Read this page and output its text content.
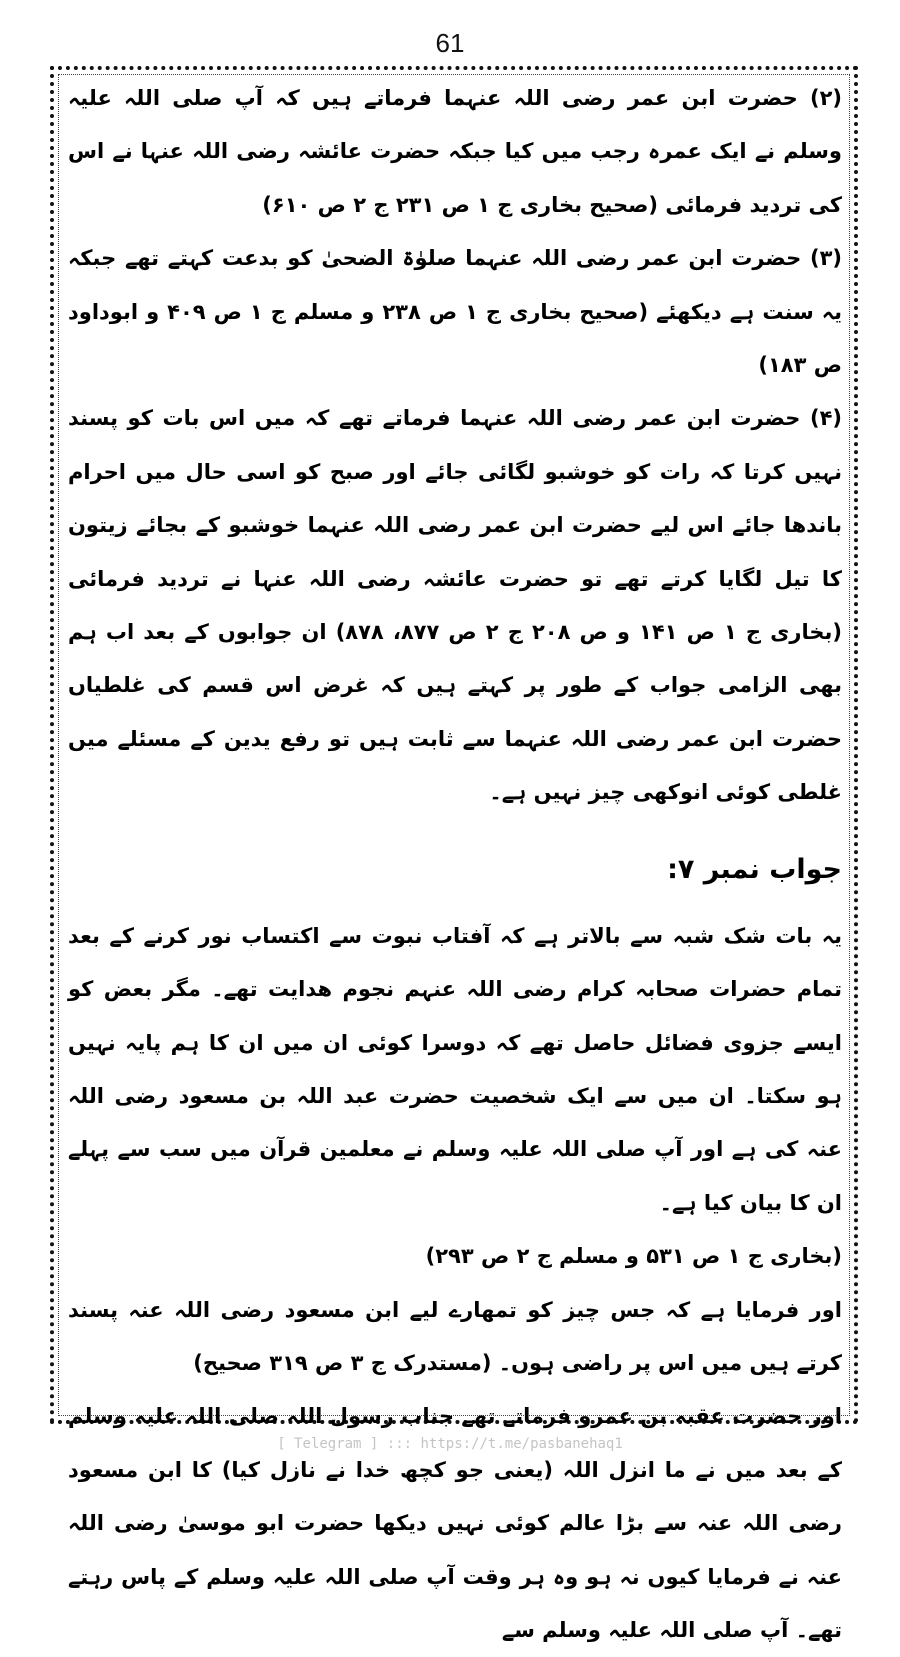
61

(۲) حضرت ابن عمر رضی اللہ عنہما فرماتے ہیں کہ آپ صلی اللہ علیہ وسلم نے ایک عمرہ رجب میں کیا جبکہ حضرت عائشہ رضی اللہ عنہا نے اس کی تردید فرمائی (صحیح بخاری ج ۱ ص ۲۳۱ ج ۲ ص ۶۱۰)

(۳) حضرت ابن عمر رضی اللہ عنہما صلوٰۃ الضحیٰ کو بدعت کہتے تھے جبکہ یہ سنت ہے دیکھئے (صحیح بخاری ج ۱ ص ۲۳۸ و مسلم ج ۱ ص ۴۰۹ و ابوداود ص ۱۸۳)

(۴) حضرت ابن عمر رضی اللہ عنہما فرماتے تھے کہ میں اس بات کو پسند نہیں کرتا کہ رات کو خوشبو لگائی جائے اور صبح کو اسی حال میں احرام باندھا جائے اس لیے حضرت ابن عمر رضی اللہ عنہما خوشبو کے بجائے زیتون کا تیل لگایا کرتے تھے تو حضرت عائشہ رضی اللہ عنہا نے تردید فرمائی (بخاری ج ۱ ص ۱۴۱ و ص ۲۰۸ ج ۲ ص ۸۷۷، ۸۷۸) ان جوابوں کے بعد اب ہم بھی الزامی جواب کے طور پر کہتے ہیں کہ غرض اس قسم کی غلطیاں حضرت ابن عمر رضی اللہ عنہما سے ثابت ہیں تو رفع یدین کے مسئلے میں غلطی کوئی انوکھی چیز نہیں ہے۔

جواب نمبر ۷:

یہ بات شک شبہ سے بالاتر ہے کہ آفتاب نبوت سے اکتساب نور کرنے کے بعد تمام حضرات صحابہ کرام رضی اللہ عنہم نجوم ھدایت تھے۔ مگر بعض کو ایسے جزوی فضائل حاصل تھے کہ دوسرا کوئی ان میں ان کا ہم پایہ نہیں ہو سکتا۔ ان میں سے ایک شخصیت حضرت عبد اللہ بن مسعود رضی اللہ عنہ کی ہے اور آپ صلی اللہ علیہ وسلم نے معلمین قرآن میں سب سے پہلے ان کا بیان کیا ہے۔

(بخاری ج ۱ ص ۵۳۱ و مسلم ج ۲ ص ۲۹۳)

اور فرمایا ہے کہ جس چیز کو تمھارے لیے ابن مسعود رضی اللہ عنہ پسند کرتے ہیں میں اس پر راضی ہوں۔ (مستدرک ج ۳ ص ۳۱۹ صحیح)

اور حضرت عقبہ بن عمرو فرماتے تھے جناب رسول اللہ صلی اللہ علیہ وسلم کے بعد میں نے ما انزل اللہ (یعنی جو کچھ خدا نے نازل کیا) کا ابن مسعود رضی اللہ عنہ سے بڑا عالم کوئی نہیں دیکھا حضرت ابو موسیٰ رضی اللہ عنہ نے فرمایا کیوں نہ ہو وہ ہر وقت آپ صلی اللہ علیہ وسلم کے پاس رہتے تھے۔ آپ صلی اللہ علیہ وسلم سے

[ Telegram ] ::: https://t.me/pasbanehaq1
